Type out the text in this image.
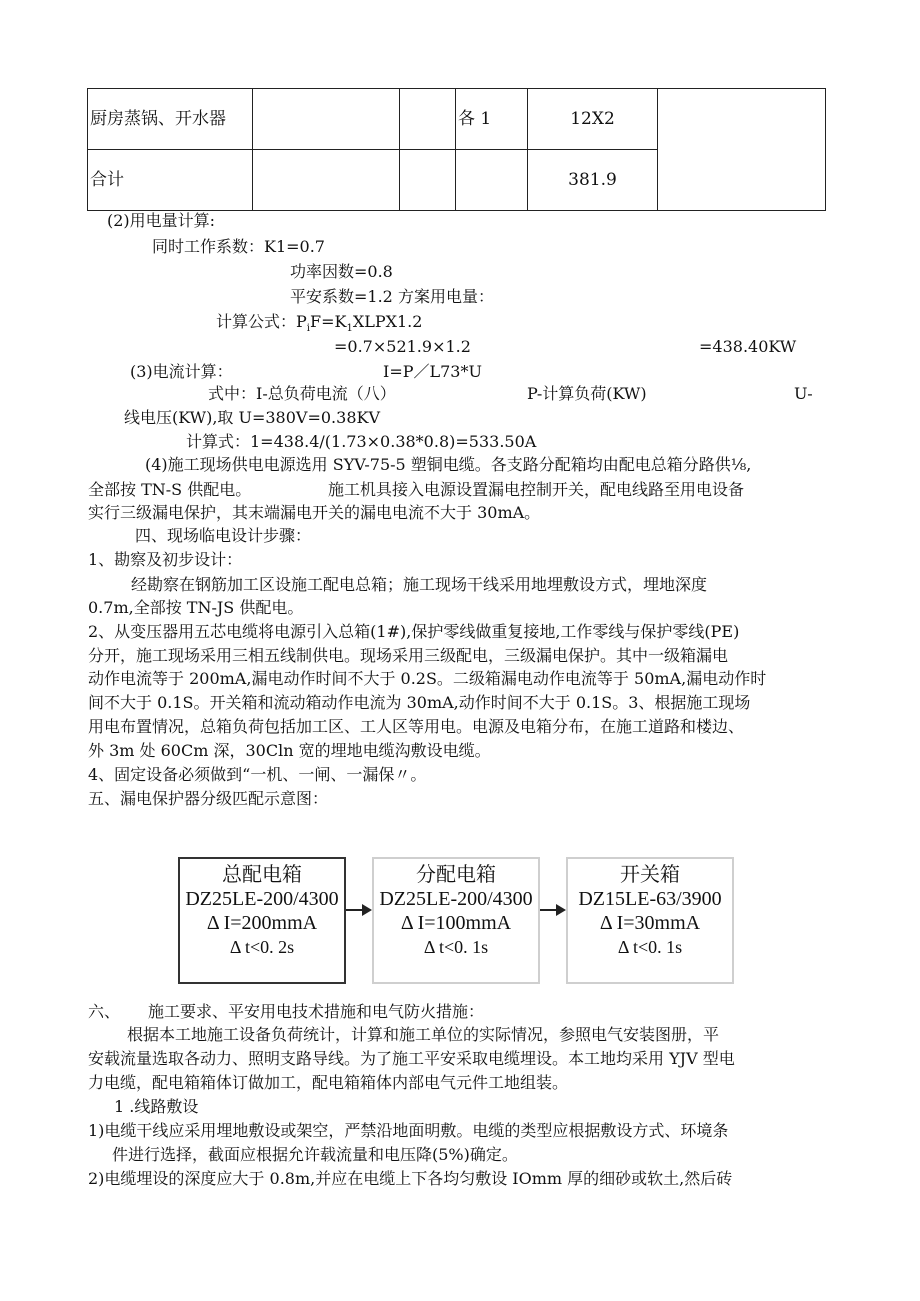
厨房蒸锅、开水器			各 1	12X2	
合计				381.9	
(2)用电量计算:
同时工作系数：K1=0.7
功率因数=0.8
平安系数=1.2 方案用电量：
计算公式：$P_iF=K_1XLPX1.2$
=0.7×521.9×1.2	=438.40KW
(3)电流计算：	I=P／L73*U
式中：I-总负荷电流（八）	P-计算负荷(KW)	U-
线电压(KW),取 U=380V=0.38KV
计算式：1=438.4/(1.73×0.38*0.8)=533.50A
(4)施工现场供电电源选用 SYV-75-5 塑铜电缆。各支路分配箱均由配电总箱分路供⅛,
全部按 TN-S 供配电。	施工机具接入电源设置漏电控制开关，配电线路至用电设备
实行三级漏电保护，其末端漏电开关的漏电电流不大于 30mA。
四、现场临电设计步骤：
1、勘察及初步设计：
经勘察在钢筋加工区设施工配电总箱；施工现场干线采用地埋敷设方式，埋地深度
0.7m,全部按 TN-JS 供配电。
2、从变压器用五芯电缆将电源引入总箱(1#),保护零线做重复接地,工作零线与保护零线(PE)
分开，施工现场采用三相五线制供电。现场采用三级配电，三级漏电保护。其中一级箱漏电
动作电流等于 200mA,漏电动作时间不大于 0.2S。二级箱漏电动作电流等于 50mA,漏电动作时
间不大于 0.1S。开关箱和流动箱动作电流为 30mA,动作时间不大于 0.1S。3、根据施工现场
用电布置情况，总箱负荷包括加工区、工人区等用电。电源及电箱分布，在施工道路和楼边、
外 3m 处 60Cm 深，30Cln 宽的埋地电缆沟敷设电缆。
4、固定设备必须做到“一机、一闸、一漏保〃。
五、漏电保护器分级匹配示意图：
总配电箱
DZ25LE-200/4300
Δ I=200mmA
Δ t<0. 2s
分配电箱
DZ25LE-200/4300
Δ I=100mmA
Δ t<0. 1s
开关箱
DZ15LE-63/3900
Δ I=30mmA
Δ t<0. 1s
六、 施工要求、平安用电技术措施和电气防火措施：
根据本工地施工设备负荷统计，计算和施工单位的实际情况，参照电气安装图册，平
安载流量选取各动力、照明支路导线。为了施工平安采取电缆埋设。本工地均采用 YJV 型电
力电缆，配电箱箱体订做加工，配电箱箱体内部电气元件工地组装。
1 .线路敷设
1)电缆干线应采用埋地敷设或架空，严禁沿地面明敷。电缆的类型应根据敷设方式、环境条
件进行选择，截面应根据允许载流量和电压降(5%)确定。
2)电缆埋设的深度应大于 0.8m,并应在电缆上下各均匀敷设 IOmm 厚的细砂或软土,然后砖
